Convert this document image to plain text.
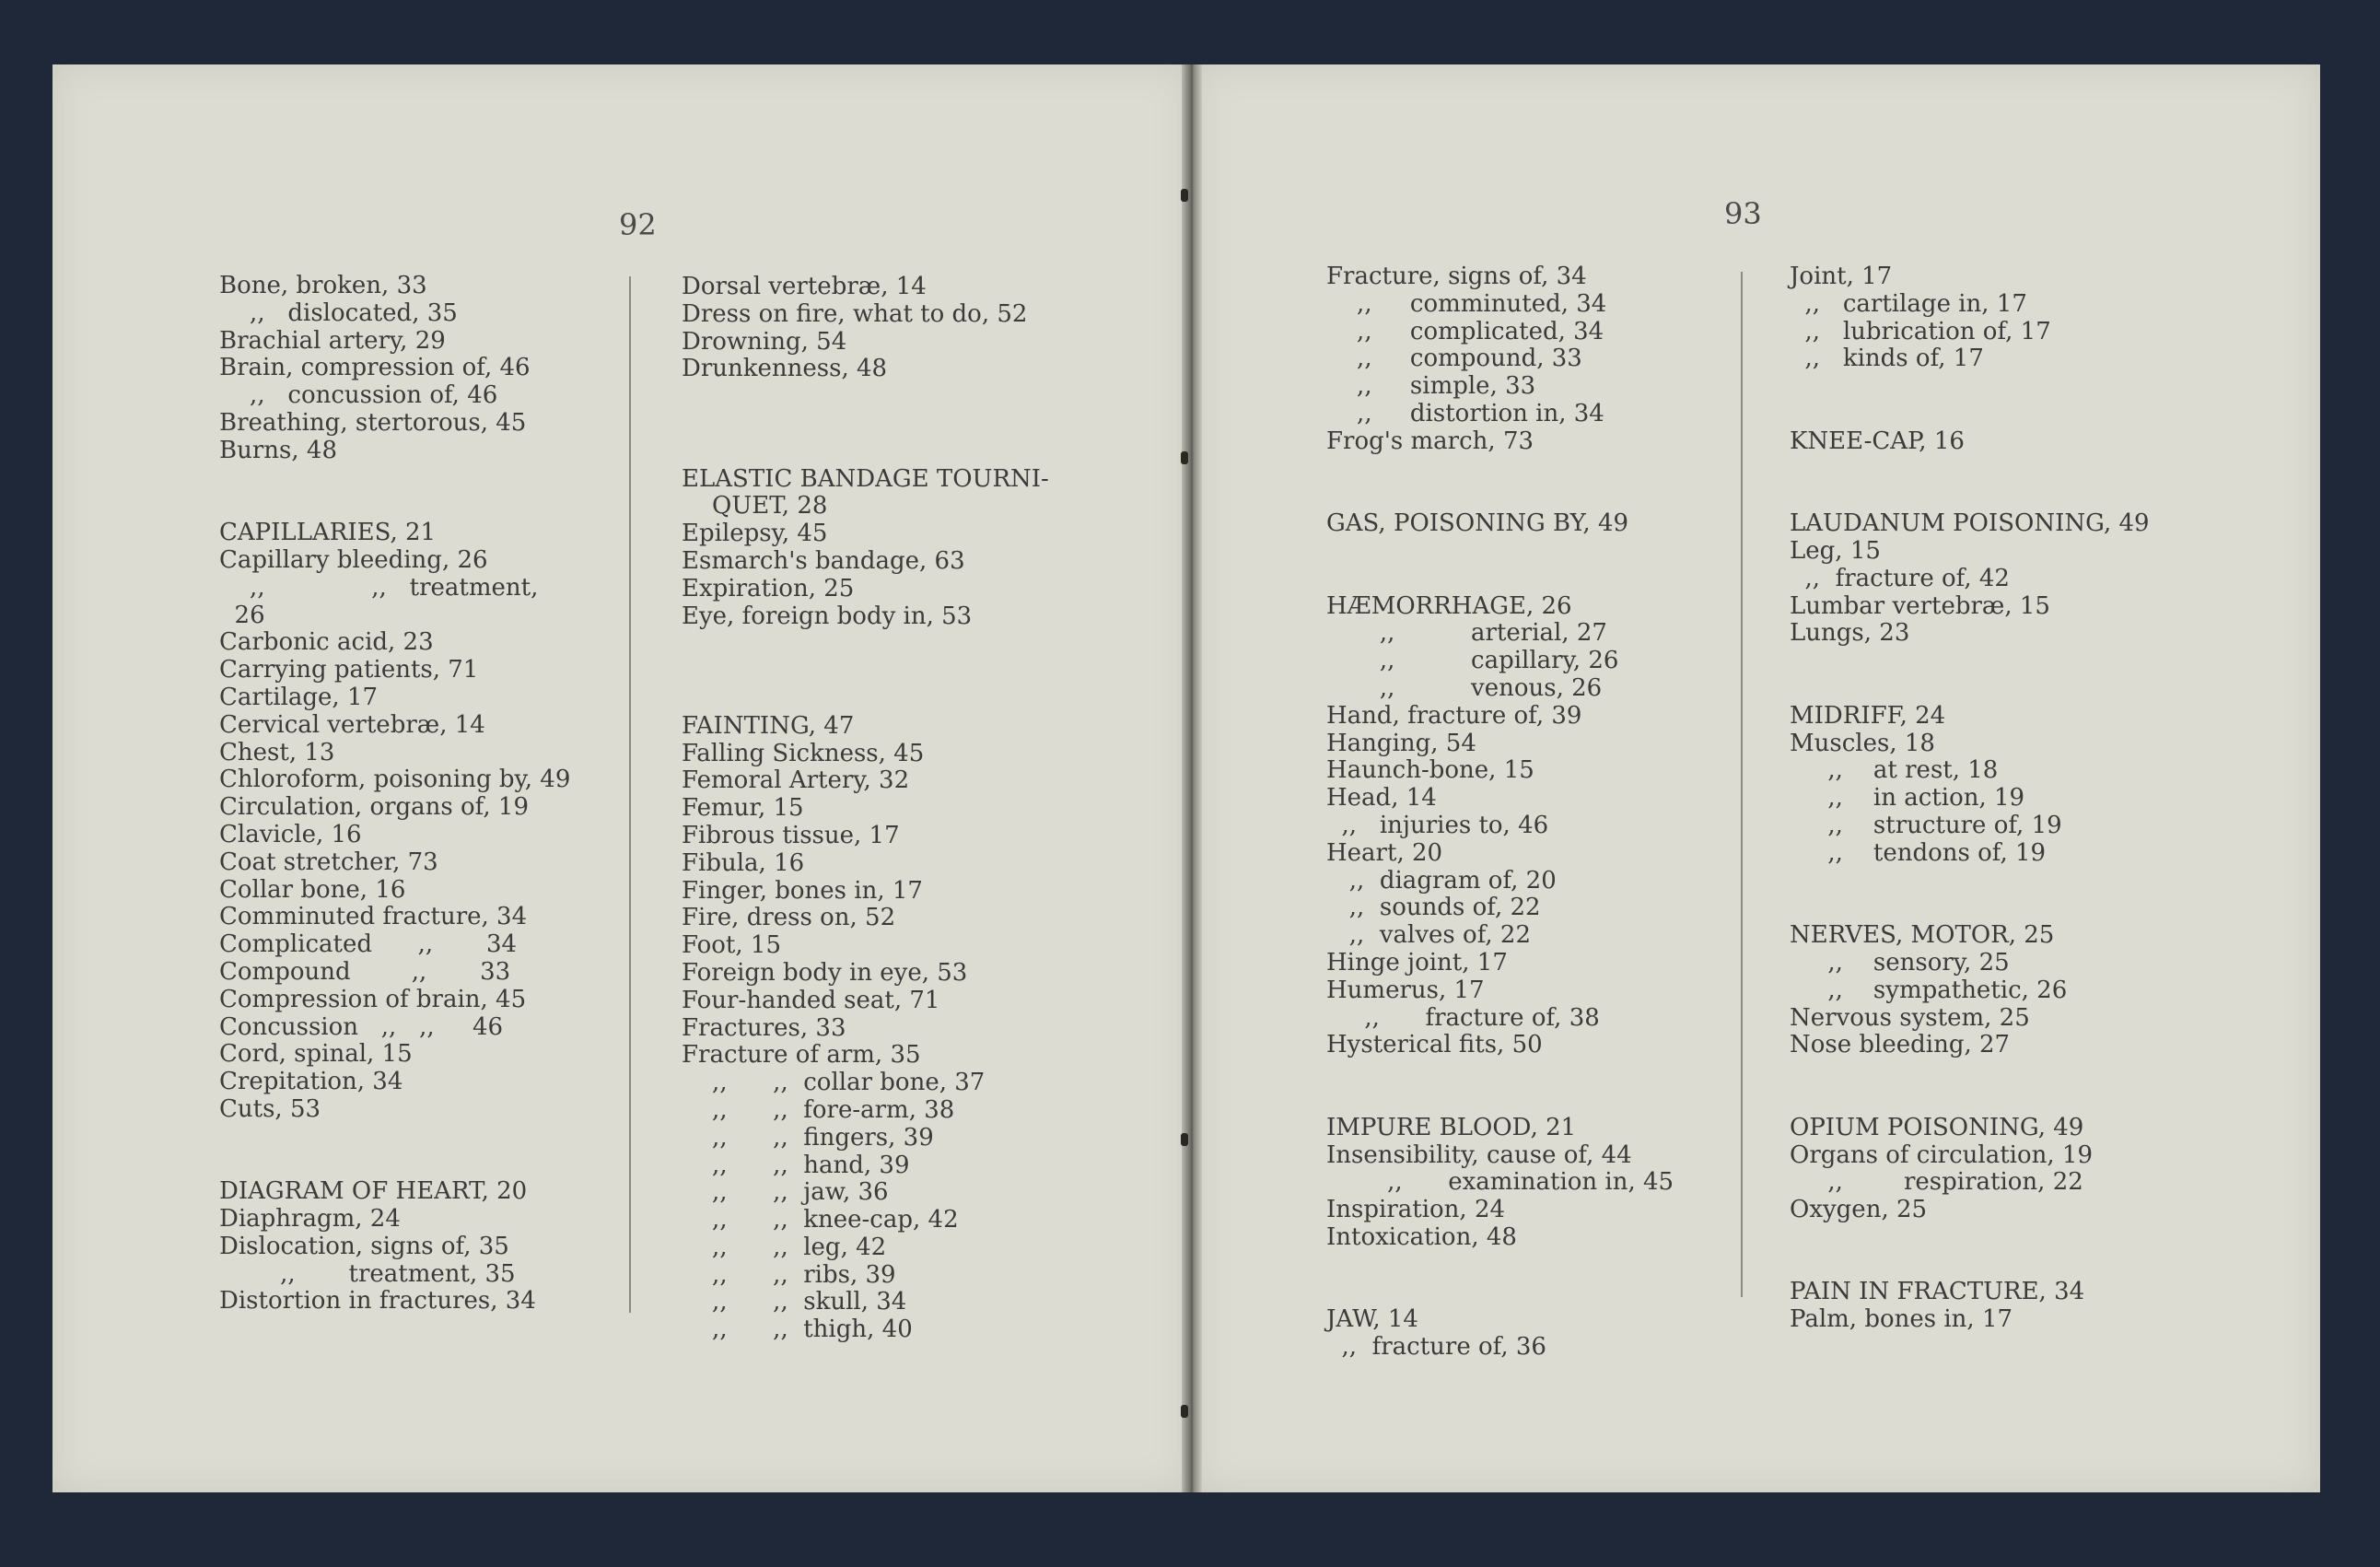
92	93
Bone, broken, 33
,,   dislocated, 35
Brachial artery, 29
Brain, compression of, 46
,,   concussion of, 46
Breathing, stertorous, 45
Burns, 48
CAPILLARIES, 21
Capillary bleeding, 26
,,              ,,   treatment,
26
Carbonic acid, 23
Carrying patients, 71
Cartilage, 17
Cervical vertebræ, 14
Chest, 13
Chloroform, poisoning by, 49
Circulation, organs of, 19
Clavicle, 16
Coat stretcher, 73
Collar bone, 16
Comminuted fracture, 34
Complicated      ,,       34
Compound        ,,       33
Compression of brain, 45
Concussion   ,,   ,,     46
Cord, spinal, 15
Crepitation, 34
Cuts, 53
DIAGRAM OF HEART, 20
Diaphragm, 24
Dislocation, signs of, 35
,,       treatment, 35
Distortion in fractures, 34
Dorsal vertebræ, 14
Dress on fire, what to do, 52
Drowning, 54
Drunkenness, 48
ELASTIC BANDAGE TOURNI-
QUET, 28
Epilepsy, 45
Esmarch's bandage, 63
Expiration, 25
Eye, foreign body in, 53
FAINTING, 47
Falling Sickness, 45
Femoral Artery, 32
Femur, 15
Fibrous tissue, 17
Fibula, 16
Finger, bones in, 17
Fire, dress on, 52
Foot, 15
Foreign body in eye, 53
Four-handed seat, 71
Fractures, 33
Fracture of arm, 35
,,      ,,  collar bone, 37
,,      ,,  fore-arm, 38
,,      ,,  fingers, 39
,,      ,,  hand, 39
,,      ,,  jaw, 36
,,      ,,  knee-cap, 42
,,      ,,  leg, 42
,,      ,,  ribs, 39
,,      ,,  skull, 34
,,      ,,  thigh, 40
Fracture, signs of, 34
,,     comminuted, 34
,,     complicated, 34
,,     compound, 33
,,     simple, 33
,,     distortion in, 34
Frog's march, 73
GAS, POISONING BY, 49
HÆMORRHAGE, 26
,,          arterial, 27
,,          capillary, 26
,,          venous, 26
Hand, fracture of, 39
Hanging, 54
Haunch-bone, 15
Head, 14
,,   injuries to, 46
Heart, 20
,,  diagram of, 20
,,  sounds of, 22
,,  valves of, 22
Hinge joint, 17
Humerus, 17
,,      fracture of, 38
Hysterical fits, 50
IMPURE BLOOD, 21
Insensibility, cause of, 44
,,      examination in, 45
Inspiration, 24
Intoxication, 48
JAW, 14
,,  fracture of, 36
Joint, 17
,,   cartilage in, 17
,,   lubrication of, 17
,,   kinds of, 17
KNEE-CAP, 16
LAUDANUM POISONING, 49
Leg, 15
,,  fracture of, 42
Lumbar vertebræ, 15
Lungs, 23
MIDRIFF, 24
Muscles, 18
,,    at rest, 18
,,    in action, 19
,,    structure of, 19
,,    tendons of, 19
NERVES, MOTOR, 25
,,    sensory, 25
,,    sympathetic, 26
Nervous system, 25
Nose bleeding, 27
OPIUM POISONING, 49
Organs of circulation, 19
,,        respiration, 22
Oxygen, 25
PAIN IN FRACTURE, 34
Palm, bones in, 17
